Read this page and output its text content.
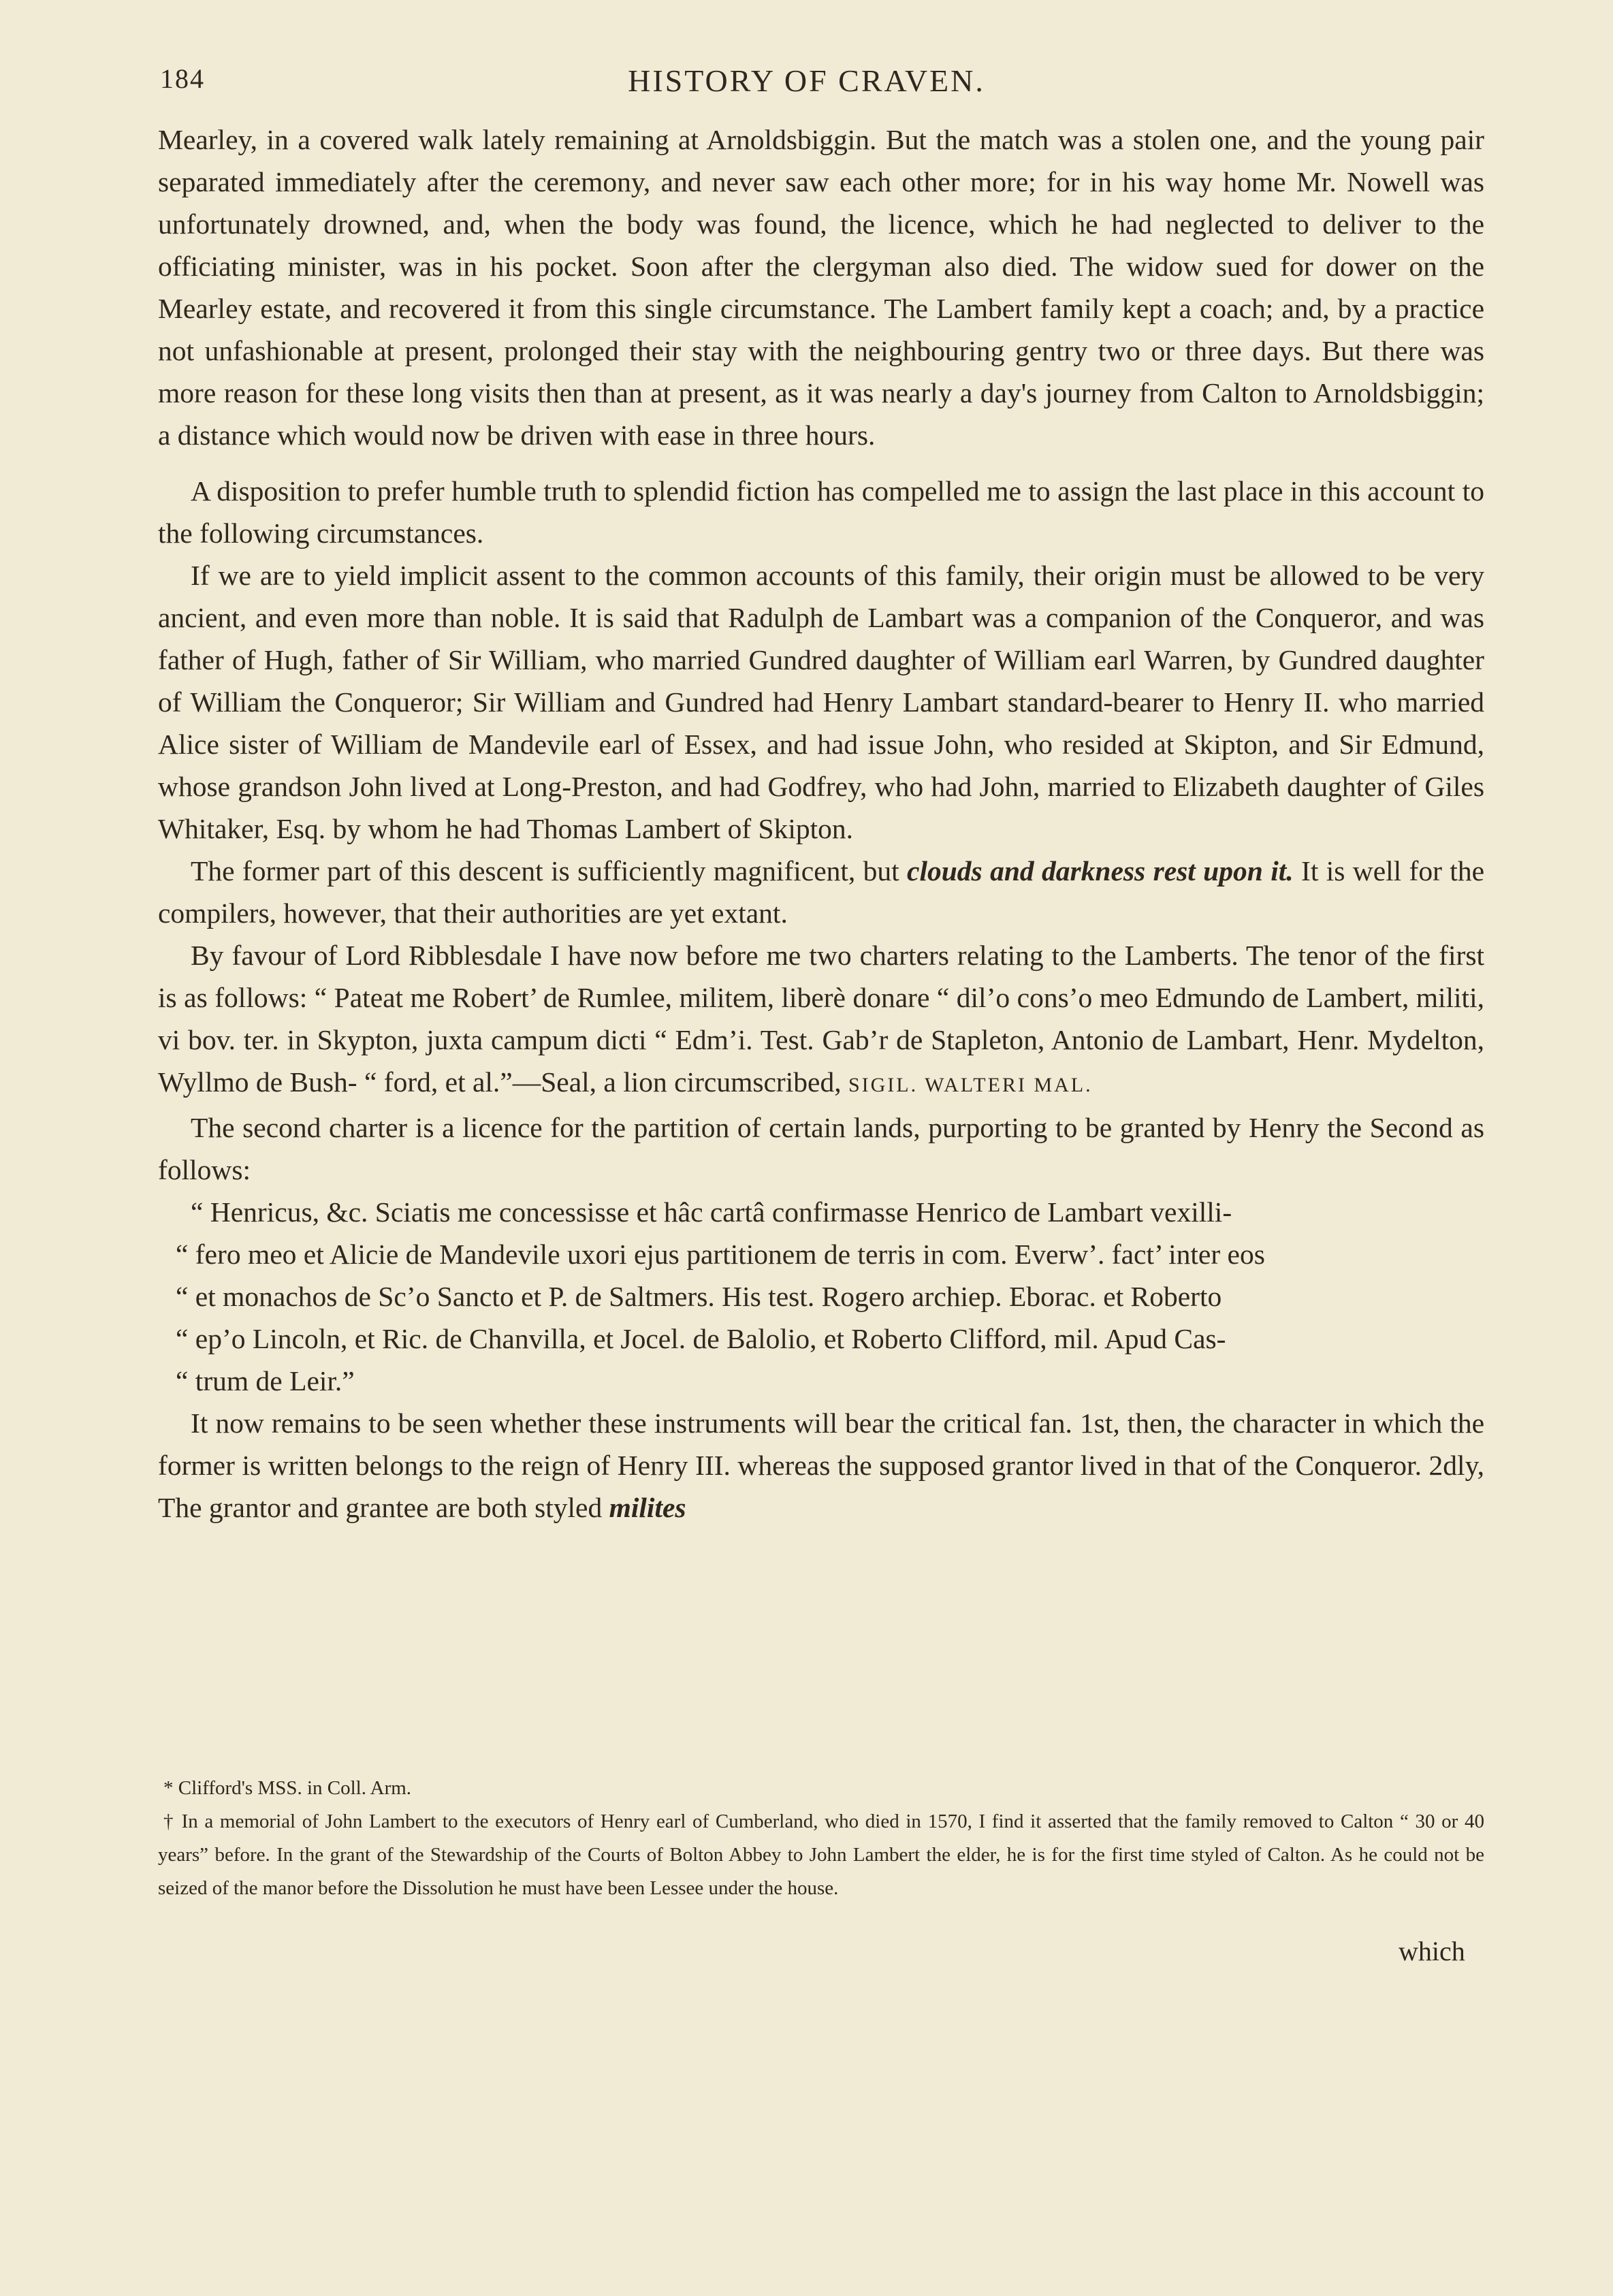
184	HISTORY OF CRAVEN.

Mearley, in a covered walk lately remaining at Arnoldsbiggin. But the match was a stolen one, and the young pair separated immediately after the ceremony, and never saw each other more; for in his way home Mr. Nowell was unfortunately drowned, and, when the body was found, the licence, which he had neglected to deliver to the officiating minister, was in his pocket. Soon after the clergyman also died. The widow sued for dower on the Mearley estate, and recovered it from this single circumstance. The Lambert family kept a coach; and, by a practice not unfashionable at present, prolonged their stay with the neighbouring gentry two or three days. But there was more reason for these long visits then than at present, as it was nearly a day's journey from Calton to Arnoldsbiggin; a distance which would now be driven with ease in three hours.

A disposition to prefer humble truth to splendid fiction has compelled me to assign the last place in this account to the following circumstances.

If we are to yield implicit assent to the common accounts of this family, their origin must be allowed to be very ancient, and even more than noble. It is said that Radulph de Lambart was a companion of the Conqueror, and was father of Hugh, father of Sir William, who married Gundred daughter of William earl Warren, by Gundred daughter of William the Conqueror; Sir William and Gundred had Henry Lambart standard-bearer to Henry II. who married Alice sister of William de Mandevile earl of Essex, and had issue John, who resided at Skipton, and Sir Edmund, whose grandson John lived at Long-Preston, and had Godfrey, who had John, married to Elizabeth daughter of Giles Whitaker, Esq. by whom he had Thomas Lambert of Skipton.

The former part of this descent is sufficiently magnificent, but clouds and darkness rest upon it. It is well for the compilers, however, that their authorities are yet extant.

By favour of Lord Ribblesdale I have now before me two charters relating to the Lamberts. The tenor of the first is as follows: “ Pateat me Robert’ de Rumlee, militem, liberè donare “ dil’o cons’o meo Edmundo de Lambert, militi, vi bov. ter. in Skypton, juxta campum dicti “ Edm’i. Test. Gab’r de Stapleton, Antonio de Lambart, Henr. Mydelton, Wyllmo de Bush- “ ford, et al.”—Seal, a lion circumscribed, SIGIL. WALTERI MAL.

The second charter is a licence for the partition of certain lands, purporting to be granted by Henry the Second as follows:

“ Henricus, &c. Sciatis me concessisse et hâc cartâ confirmasse Henrico de Lambart vexilli-

“ fero meo et Alicie de Mandevile uxori ejus partitionem de terris in com. Everw’. fact’ inter eos

“ et monachos de Sc’o Sancto et P. de Saltmers. His test. Rogero archiep. Eborac. et Roberto

“ ep’o Lincoln, et Ric. de Chanvilla, et Jocel. de Balolio, et Roberto Clifford, mil. Apud Cas-

“ trum de Leir.”

It now remains to be seen whether these instruments will bear the critical fan. 1st, then, the character in which the former is written belongs to the reign of Henry III. whereas the supposed grantor lived in that of the Conqueror. 2dly, The grantor and grantee are both styled milites

* Clifford's MSS. in Coll. Arm.

† In a memorial of John Lambert to the executors of Henry earl of Cumberland, who died in 1570, I find it asserted that the family removed to Calton “ 30 or 40 years” before. In the grant of the Stewardship of the Courts of Bolton Abbey to John Lambert the elder, he is for the first time styled of Calton. As he could not be seized of the manor before the Dissolution he must have been Lessee under the house.

which
